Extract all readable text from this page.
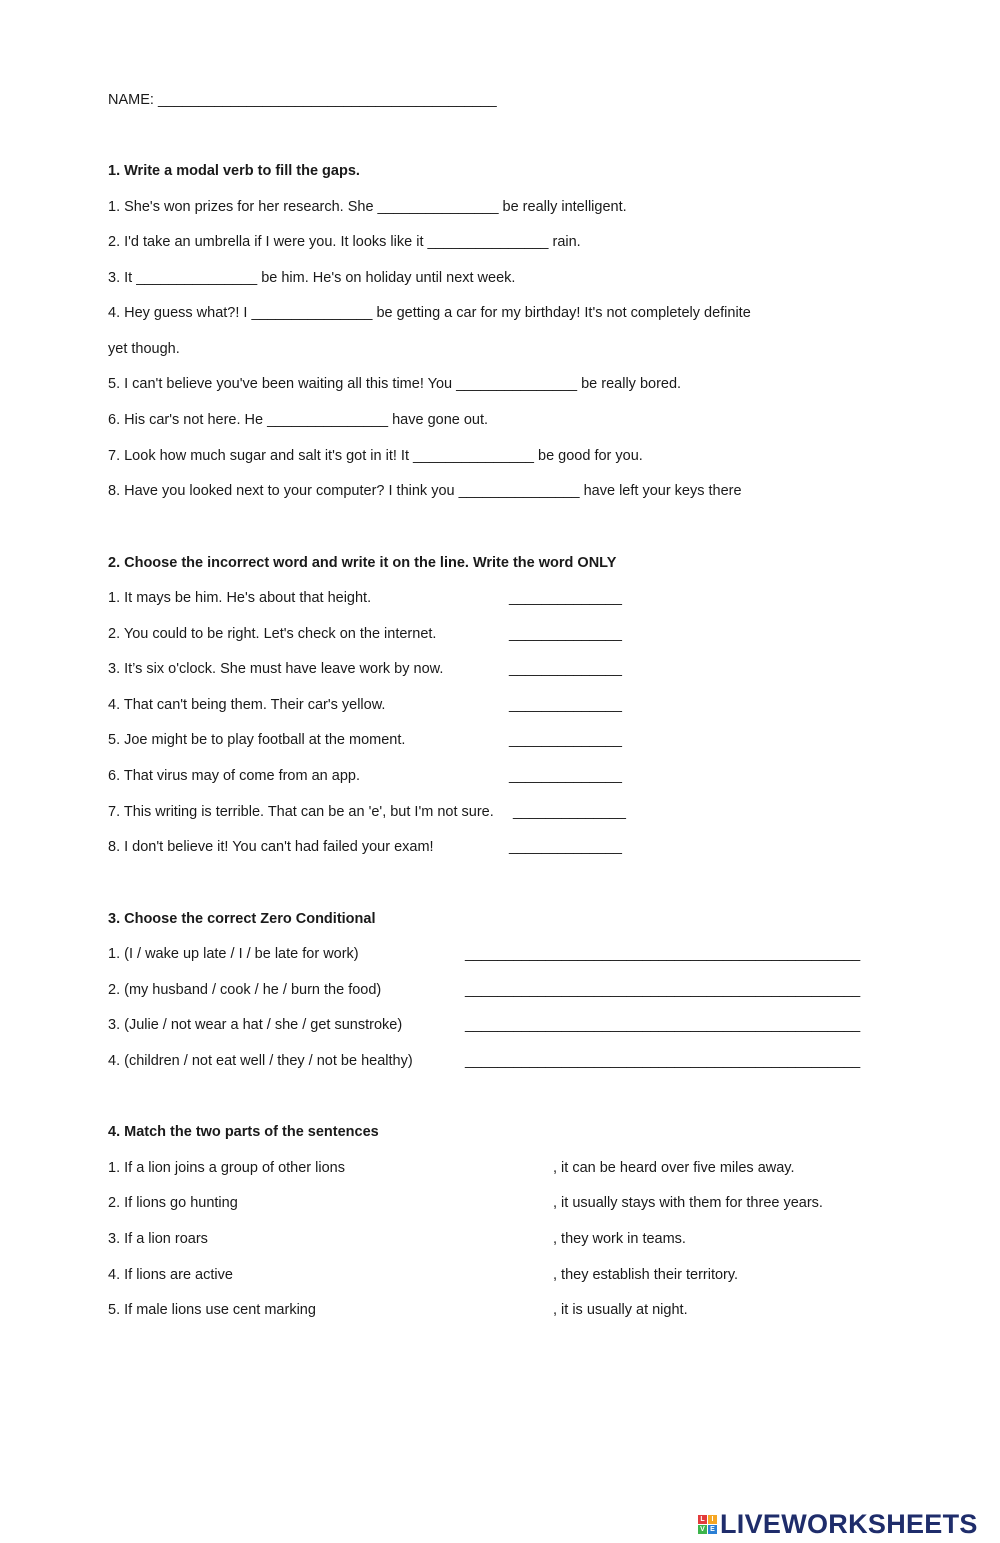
NAME: __________________________________________
1. Write a modal verb to fill the gaps.
1. She's won prizes for her research. She _______________ be really intelligent.
2. I'd take an umbrella if I were you. It looks like it _______________ rain.
3. It _______________ be him. He's on holiday until next week.
4. Hey guess what?! I _______________ be getting a car for my birthday! It's not completely definite
yet though.
5. I can't believe you've been waiting all this time! You _______________ be really bored.
6. His car's not here. He _______________ have gone out.
7. Look how much sugar and salt it's got in it! It _______________ be good for you.
8. Have you looked next to your computer? I think you _______________ have left your keys there
2. Choose the incorrect word and write it on the line. Write the word ONLY
1. It mays be him. He's about that height.	______________
2. You could to be right. Let's check on the internet.	______________
3. It’s six o'clock. She must have leave work by now.	______________
4. That can't being them. Their car's yellow.	______________
5. Joe might be to play football at the moment.	______________
6. That virus may of come from an app.	______________
7. This writing is terrible. That can be an 'e', but I'm not sure. ______________
8. I don't believe it! You can't had failed your exam!	______________
3. Choose the correct Zero Conditional
1. (I / wake up late / I / be late for work)	_________________________________________________
2. (my husband / cook / he / burn the food)	_________________________________________________
3. (Julie / not wear a hat / she / get sunstroke)	_________________________________________________
4. (children / not eat well / they / not be healthy)	_________________________________________________
4. Match the two parts of the sentences
1. If a lion joins a group of other lions	, it can be heard over five miles away.
2. If lions go hunting	, it usually stays with them for three years.
3. If a lion roars	, they work in teams.
4. If lions are active	, they establish their territory.
5. If male lions use cent marking	, it is usually at night.
L I
V E LIVEWORKSHEETS
